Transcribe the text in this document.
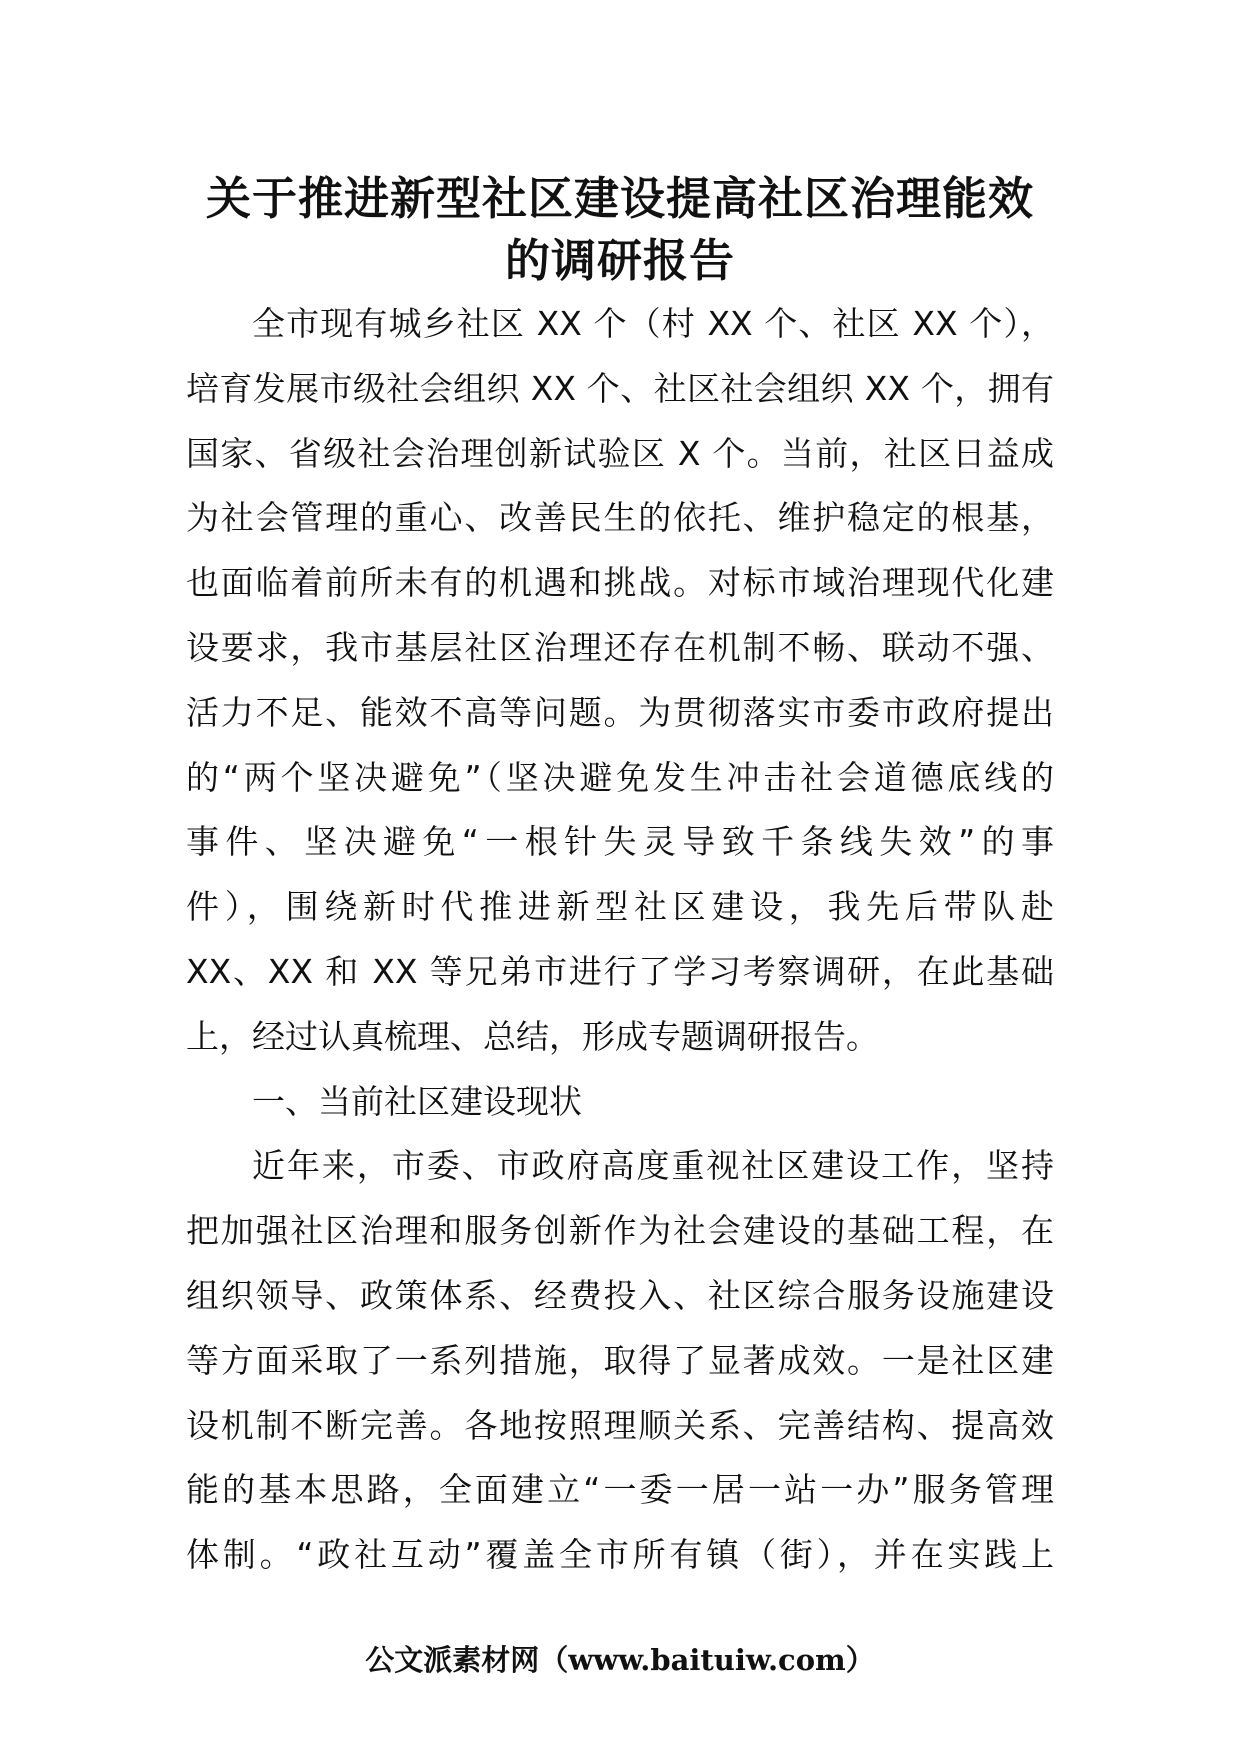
关于推进新型社区建设提高社区治理能效
的调研报告
全市现有城乡社区 XX 个（村 XX 个、社区 XX 个），
培育发展市级社会组织 XX 个、社区社会组织 XX 个，拥有
国家、省级社会治理创新试验区 X 个。当前，社区日益成
为社会管理的重心、改善民生的依托、维护稳定的根基，
也面临着前所未有的机遇和挑战。对标市域治理现代化建
设要求，我市基层社区治理还存在机制不畅、联动不强、
活力不足、能效不高等问题。为贯彻落实市委市政府提出
的“两个坚决避免”（坚决避免发生冲击社会道德底线的
事件、坚决避免“一根针失灵导致千条线失效”的事
件），围绕新时代推进新型社区建设，我先后带队赴
XX、XX 和 XX 等兄弟市进行了学习考察调研，在此基础
上，经过认真梳理、总结，形成专题调研报告。
一、当前社区建设现状
近年来，市委、市政府高度重视社区建设工作，坚持
把加强社区治理和服务创新作为社会建设的基础工程，在
组织领导、政策体系、经费投入、社区综合服务设施建设
等方面采取了一系列措施，取得了显著成效。一是社区建
设机制不断完善。各地按照理顺关系、完善结构、提高效
能的基本思路，全面建立“一委一居一站一办”服务管理
体制。“政社互动”覆盖全市所有镇（街），并在实践上
公文派素材网（www.baituiw.com）
